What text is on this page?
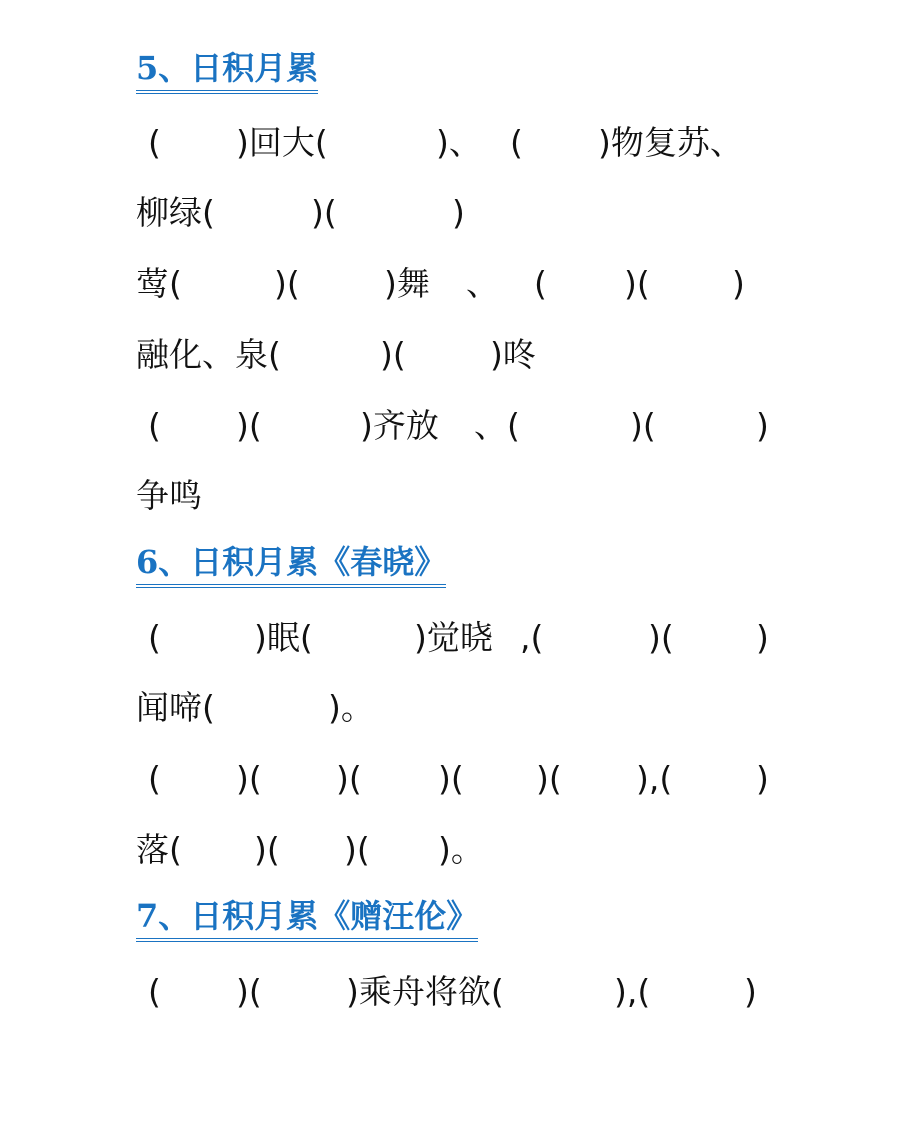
5、日积月累
( )回大(	)、 ( )物复苏、
柳绿(	)(	)
莺(	)(	)舞 、 ( )( )
融化、泉(	)(	)咚
( )(	)齐放 、(	)(	)
争鸣
6、日积月累《春晓》
(	)眠(	)觉晓 ,(	)( )
闻啼(	)。
( )( )( )( )( ),(	)
落( )( )( )。
7、日积月累《赠汪伦》
( )(	)乘舟将欲(	),(	)
